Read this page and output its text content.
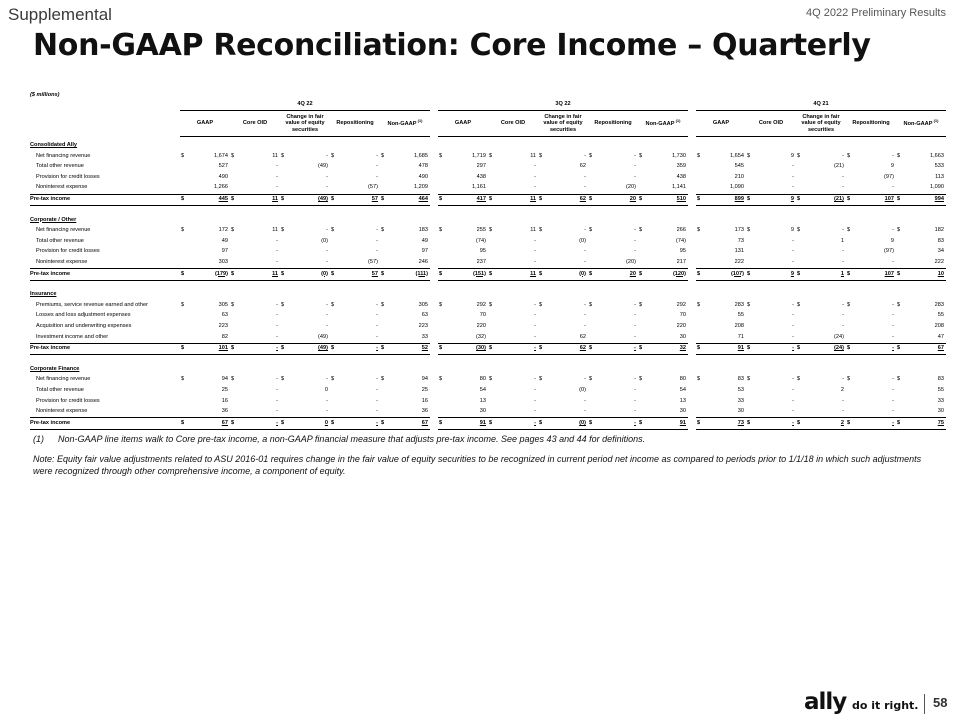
Supplemental	4Q 2022 Preliminary Results
Non-GAAP Reconciliation: Core Income – Quarterly
($ millions)																																
	4Q 22											3Q 22											4Q 21									
	GAAP		Core OID		Change in fair value of equity securities		Repositioning		Non-GAAP $^{(1)}$			GAAP		Core OID		Change in fair value of equity securities		Repositioning		Non-GAAP $^{(1)}$			GAAP		Core OID		Change in fair value of equity securities		Repositioning		Non-GAAP $^{(1)}$
Consolidated Ally																																
Net financing revenue	$	1,674	$	11	$	-	$	-	$	1,685		$	1,719	$	11	$	-	$	-	$	1,730		$	1,654	$	9	$	-	$	-	$	1,663
Total other revenue		527		-		(49)		-		478			297		-		62		-		359			545		-		(21)		9		533
Provision for credit losses		490		-		-		-		490			438		-		-		-		438			210		-		-		(97)		113
Noninterest expense		1,266		-		-		(57)		1,209			1,161		-		-		(20)		1,141			1,090		-		-		-		1,090
Pre-tax income	$	445	$	11	$	(49)	$	57	$	464		$	417	$	11	$	62	$	20	$	510		$	899	$	9	$	(21)	$	107	$	994

Corporate / Other																																
Net financing revenue	$	172	$	11	$	-	$	-	$	183		$	255	$	11	$	-	$	-	$	266		$	173	$	9	$	-	$	-	$	182
Total other revenue		49		-		(0)		-		49			(74)		-		(0)		-		(74)			73		-		1		9		83
Provision for credit losses		97		-		-		-		97			95		-		-		-		95			131		-		-		(97)		34
Noninterest expense		303		-		-		(57)		246			237		-		-		(20)		217			222		-		-		-		222
Pre-tax income	$	(179)	$	11	$	(0)	$	57	$	(111)		$	(151)	$	11	$	(0)	$	20	$	(120)		$	(107)	$	9	$	1	$	107	$	10

Insurance																																
Premiums, service revenue earned and other	$	305	$	-	$	-	$	-	$	305		$	292	$	-	$	-	$	-	$	292		$	283	$	-	$	-	$	-	$	283
Losses and loss adjustment expenses		63		-		-		-		63			70		-		-		-		70			55		-		-		-		55
Acquisition and underwriting expenses		223		-		-		-		223			220		-		-		-		220			208		-		-		-		208
Investment income and other		82		-		(49)		-		33			(32)		-		62		-		30			71		-		(24)		-		47
Pre-tax income	$	101	$	-	$	(49)	$	-	$	52		$	(30)	$	-	$	62	$	-	$	32		$	91	$	-	$	(24)	$	-	$	67

Corporate Finance																																
Net financing revenue	$	94	$	-	$	-	$	-	$	94		$	80	$	-	$	-	$	-	$	80		$	83	$	-	$	-	$	-	$	83
Total other revenue		25		-		0		-		25			54		-		(0)		-		54			53		-		2		-		55
Provision for credit losses		16		-		-		-		16			13		-		-		-		13			33		-		-		-		33
Noninterest expense		36		-		-		-		36			30		-		-		-		30			30		-		-		-		30
Pre-tax income	$	67	$	-	$	0	$	-	$	67		$	91	$	-	$	(0)	$	-	$	91		$	73	$	-	$	2	$	-	$	75
(1) Non-GAAP line items walk to Core pre-tax income, a non-GAAP financial measure that adjusts pre-tax income. See pages 43 and 44 for definitions.
Note: Equity fair value adjustments related to ASU 2016-01 requires change in the fair value of equity securities to be recognized in current period net income as compared to periods prior to 1/1/18 in which such adjustments were recognized through other comprehensive income, a component of equity.
ally do it right. 58
